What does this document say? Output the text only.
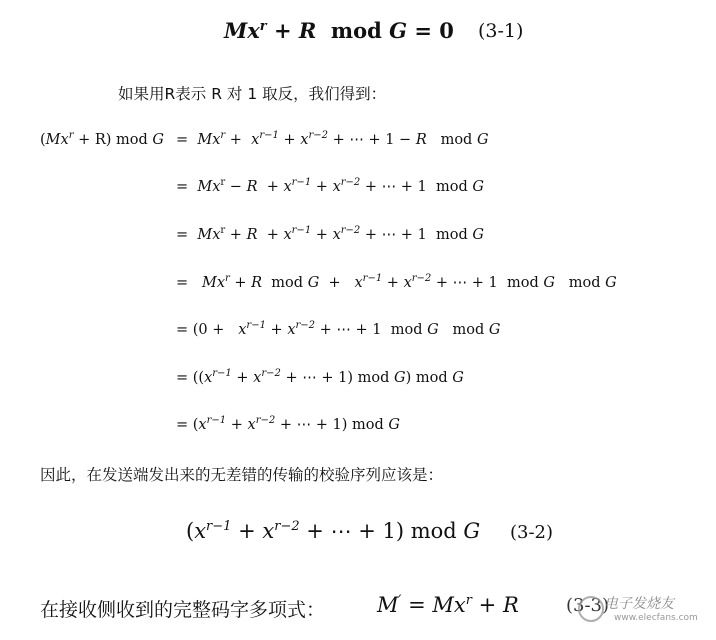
$Mx^r + R$  mod G = 0 (3-1)
如果用R表示 R 对 1 取反，我们得到：
$(Mx^r + R)$ mod $G = Mx^r + x^{r-1} + x^{r-2}$ + ⋯ + 1 − R   mod G
=  $Mx^r - R + x^{r-1} + x^{r-2}$ + ⋯ + 1  mod G
=  $Mx^r + R + x^{r-1} + x^{r-2}$ + ⋯ + 1  mod G
=   $Mx^r + R$  mod $G + x^{r-1} + x^{r-2}$ + ⋯ + 1  mod G   mod G
= ($0 + x^{r-1} + x^{r-2}$ + ⋯ + 1  mod G   mod G
= (($x^{r-1} + x^{r-2}$ + ⋯ + 1) mod G) mod G
= ($x^{r-1} + x^{r-2}$ + ⋯ + 1) mod G
因此，在发送端发出来的无差错的传输的校验序列应该是：
($x^{r-1} + x^{r-2}$ + ⋯ + 1) mod G (3-2)
在接收侧收到的完整码字多项式： $M' = Mx^r + R$	(3-3)
电子发烧友
www.elecfans.com
